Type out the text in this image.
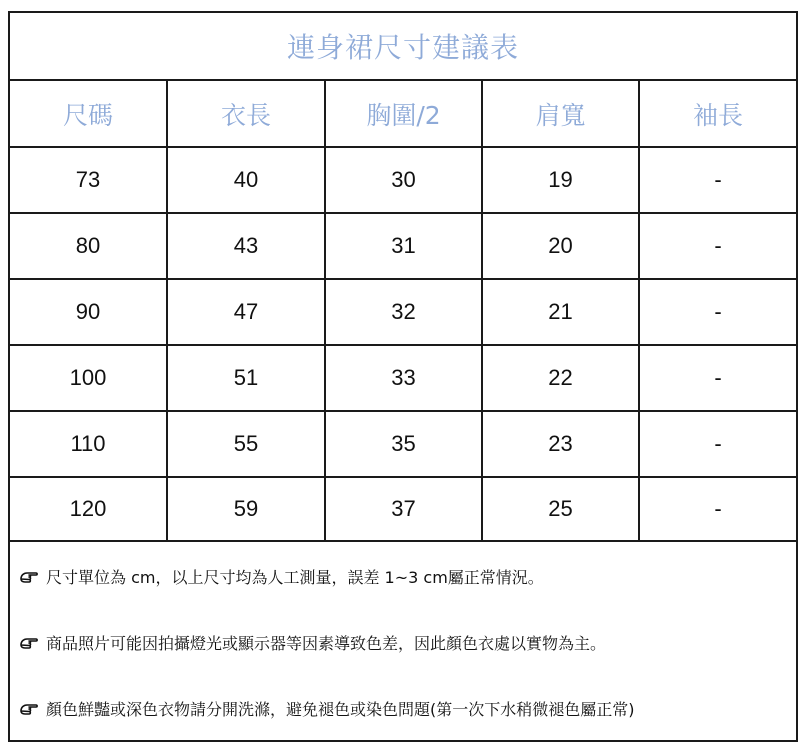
連身裙尺寸建議表
尺碼	衣長	胸圍/2	肩寬	袖長
73	40	30	19	-
80	43	31	20	-
90	47	32	21	-
100	51	33	22	-
110	55	35	23	-
120	59	37	25	-
尺寸單位為 cm，以上尺寸均為人工測量，誤差 1~3 cm屬正常情況。
商品照片可能因拍攝燈光或顯示器等因素導致色差，因此顏色衣處以實物為主。
顏色鮮豔或深色衣物請分開洗滌，避免褪色或染色問題(第一次下水稍微褪色屬正常)
